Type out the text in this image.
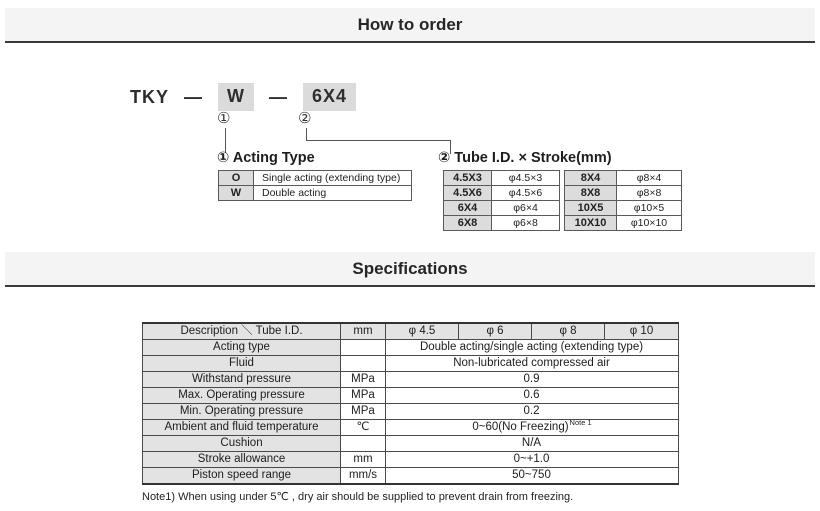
How to order
TKY —	W	—	6X4
①	②
① Acting Type	② Tube I.D. × Stroke(mm)
O	Single acting (extending type)
W	Double acting
4.5X3	φ4.5×3
4.5X6	φ4.5×6
6X4	φ6×4
6X8	φ6×8
8X4	φ8×4
8X8	φ8×8
10X5	φ10×5
10X10	φ10×10
Specifications
Description ＼ Tube I.D.	mm	φ 4.5	φ 6	φ 8	φ 10
Acting type		Double acting/single acting (extending type)			
Fluid		Non-lubricated compressed air			
Withstand pressure	MPa	0.9			
Max. Operating pressure	MPa	0.6			
Min. Operating pressure	MPa	0.2			
Ambient and fluid temperature	℃	0~60(No Freezing)$^{Note 1}$
Cushion		N/A			
Stroke allowance	mm	0~+1.0			
Piston speed range	mm/s	50~750			
Note1) When using under 5℃ , dry air should be supplied to prevent drain from freezing.
